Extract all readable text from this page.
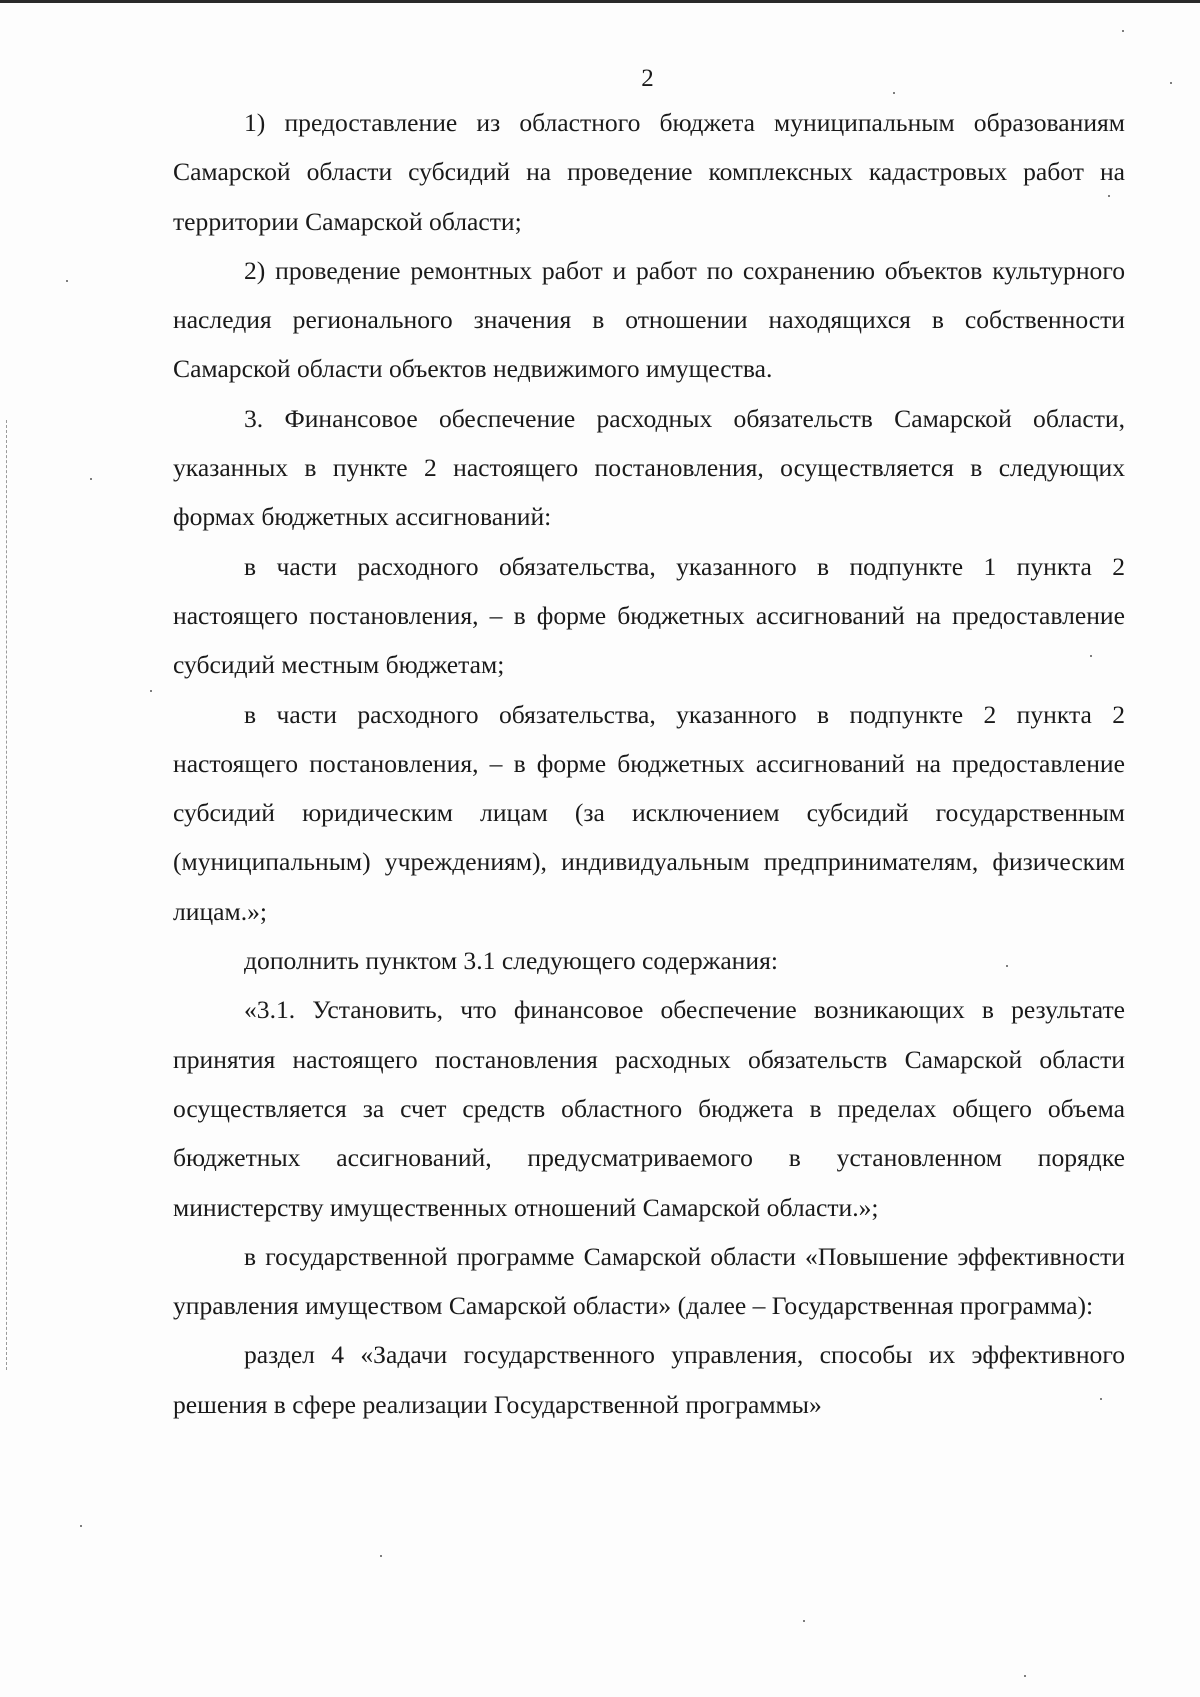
2

1) предоставление из областного бюджета муниципальным образованиям Самарской области субсидий на проведение комплексных кадастровых работ на территории Самарской области;

2) проведение ремонтных работ и работ по сохранению объектов культурного наследия регионального значения в отношении находящихся в собственности Самарской области объектов недвижимого имущества.

3. Финансовое обеспечение расходных обязательств Самарской области, указанных в пункте 2 настоящего постановления, осуществляется в следующих формах бюджетных ассигнований:

в части расходного обязательства, указанного в подпункте 1 пункта 2 настоящего постановления, – в форме бюджетных ассигнований на предоставление субсидий местным бюджетам;

в части расходного обязательства, указанного в подпункте 2 пункта 2 настоящего постановления, – в форме бюджетных ассигнований на предоставление субсидий юридическим лицам (за исключением субсидий государственным (муниципальным) учреждениям), индивидуальным предпринимателям, физическим лицам.»;

дополнить пунктом 3.1 следующего содержания:

«3.1. Установить, что финансовое обеспечение возникающих в результате принятия настоящего постановления расходных обязательств Самарской области осуществляется за счет средств областного бюджета в пределах общего объема бюджетных ассигнований, предусматриваемого в установленном порядке министерству имущественных отношений Самарской области.»;

в государственной программе Самарской области «Повышение эффективности управления имуществом Самарской области» (далее – Государственная программа):

раздел 4 «Задачи государственного управления, способы их эффективного решения в сфере реализации Государственной программы»
